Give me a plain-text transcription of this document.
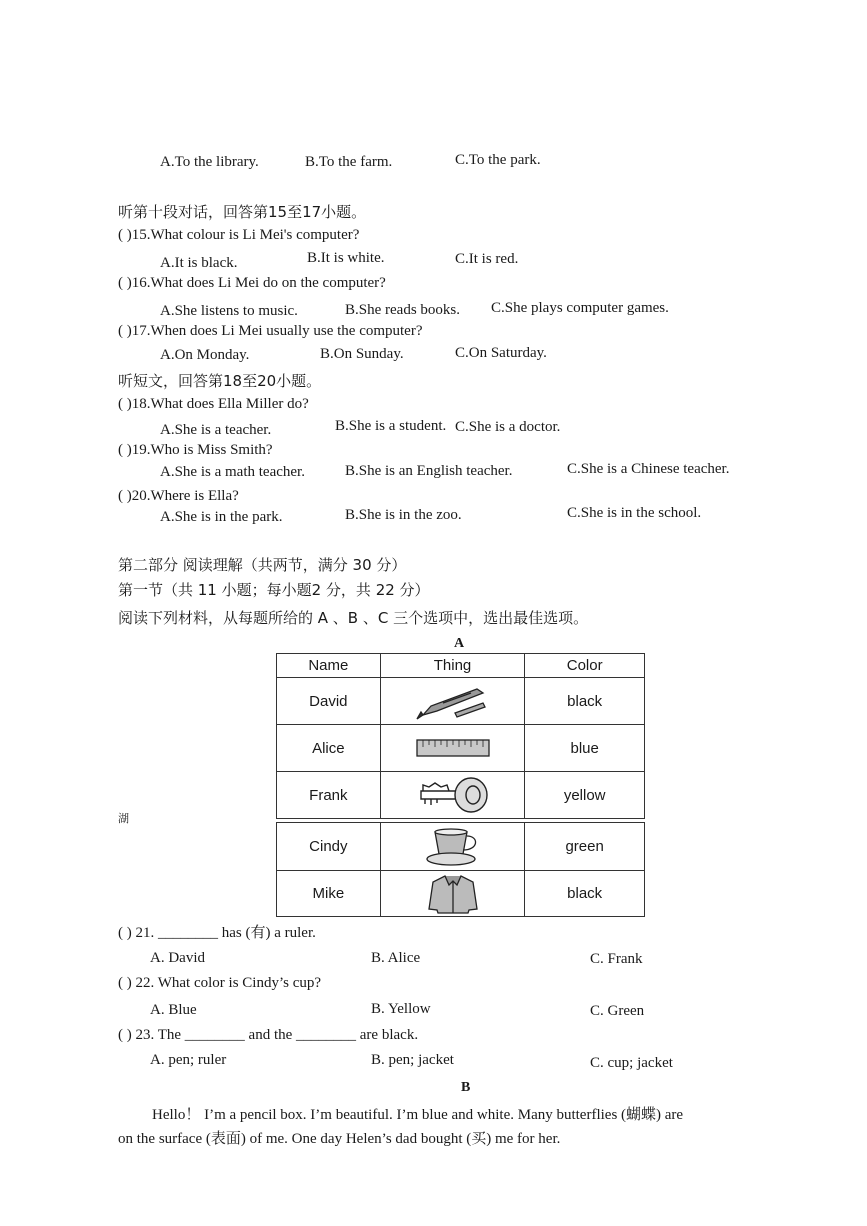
A.To the library.	B.To the farm.	C.To the park.
听第十段对话，回答第15至17小题。
( )15.What colour is Li Mei's computer?
A.It is black.	B.It is white.	C.It is red.
( )16.What does Li Mei do on the computer?
A.She listens to music.	B.She reads books. C.She plays computer games.
( )17.When does Li Mei usually use the computer?
A.On Monday.	B.On Sunday.	C.On Saturday.
听短文，回答第18至20小题。
( )18.What does Ella Miller do?
A.She is a teacher.	B.She is a student. C.She is a doctor.
( )19.Who is Miss Smith?
A.She is a math teacher.	B.She is an English teacher.	C.She is a Chinese teacher.
( )20.Where is Ella?
A.She is in the park.	B.She is in the zoo.	C.She is in the school.
第二部分 阅读理解（共两节，满分 30 分）
第一节（共 11 小题；每小题2 分，共 22 分）
阅读下列材料，从每题所给的 A 、B 、C 三个选项中，选出最佳选项。
A
Name	Thing	Color
David		black
Alice		blue
Frank		yellow
湖
Cindy		green
Mike		black
( ) 21. ________ has (有) a ruler.
A. David	B. Alice	C. Frank
( ) 22. What color is Cindy’s cup?
A. Blue	B. Yellow	C. Green
( ) 23. The ________ and the ________ are black.
A. pen; ruler	B. pen; jacket	C. cup; jacket
B
Hello！ I’m a pencil box. I’m beautiful. I’m blue and white. Many butterflies (蝴蝶) are
on the surface (表面) of me. One day Helen’s dad bought (买) me for her.
